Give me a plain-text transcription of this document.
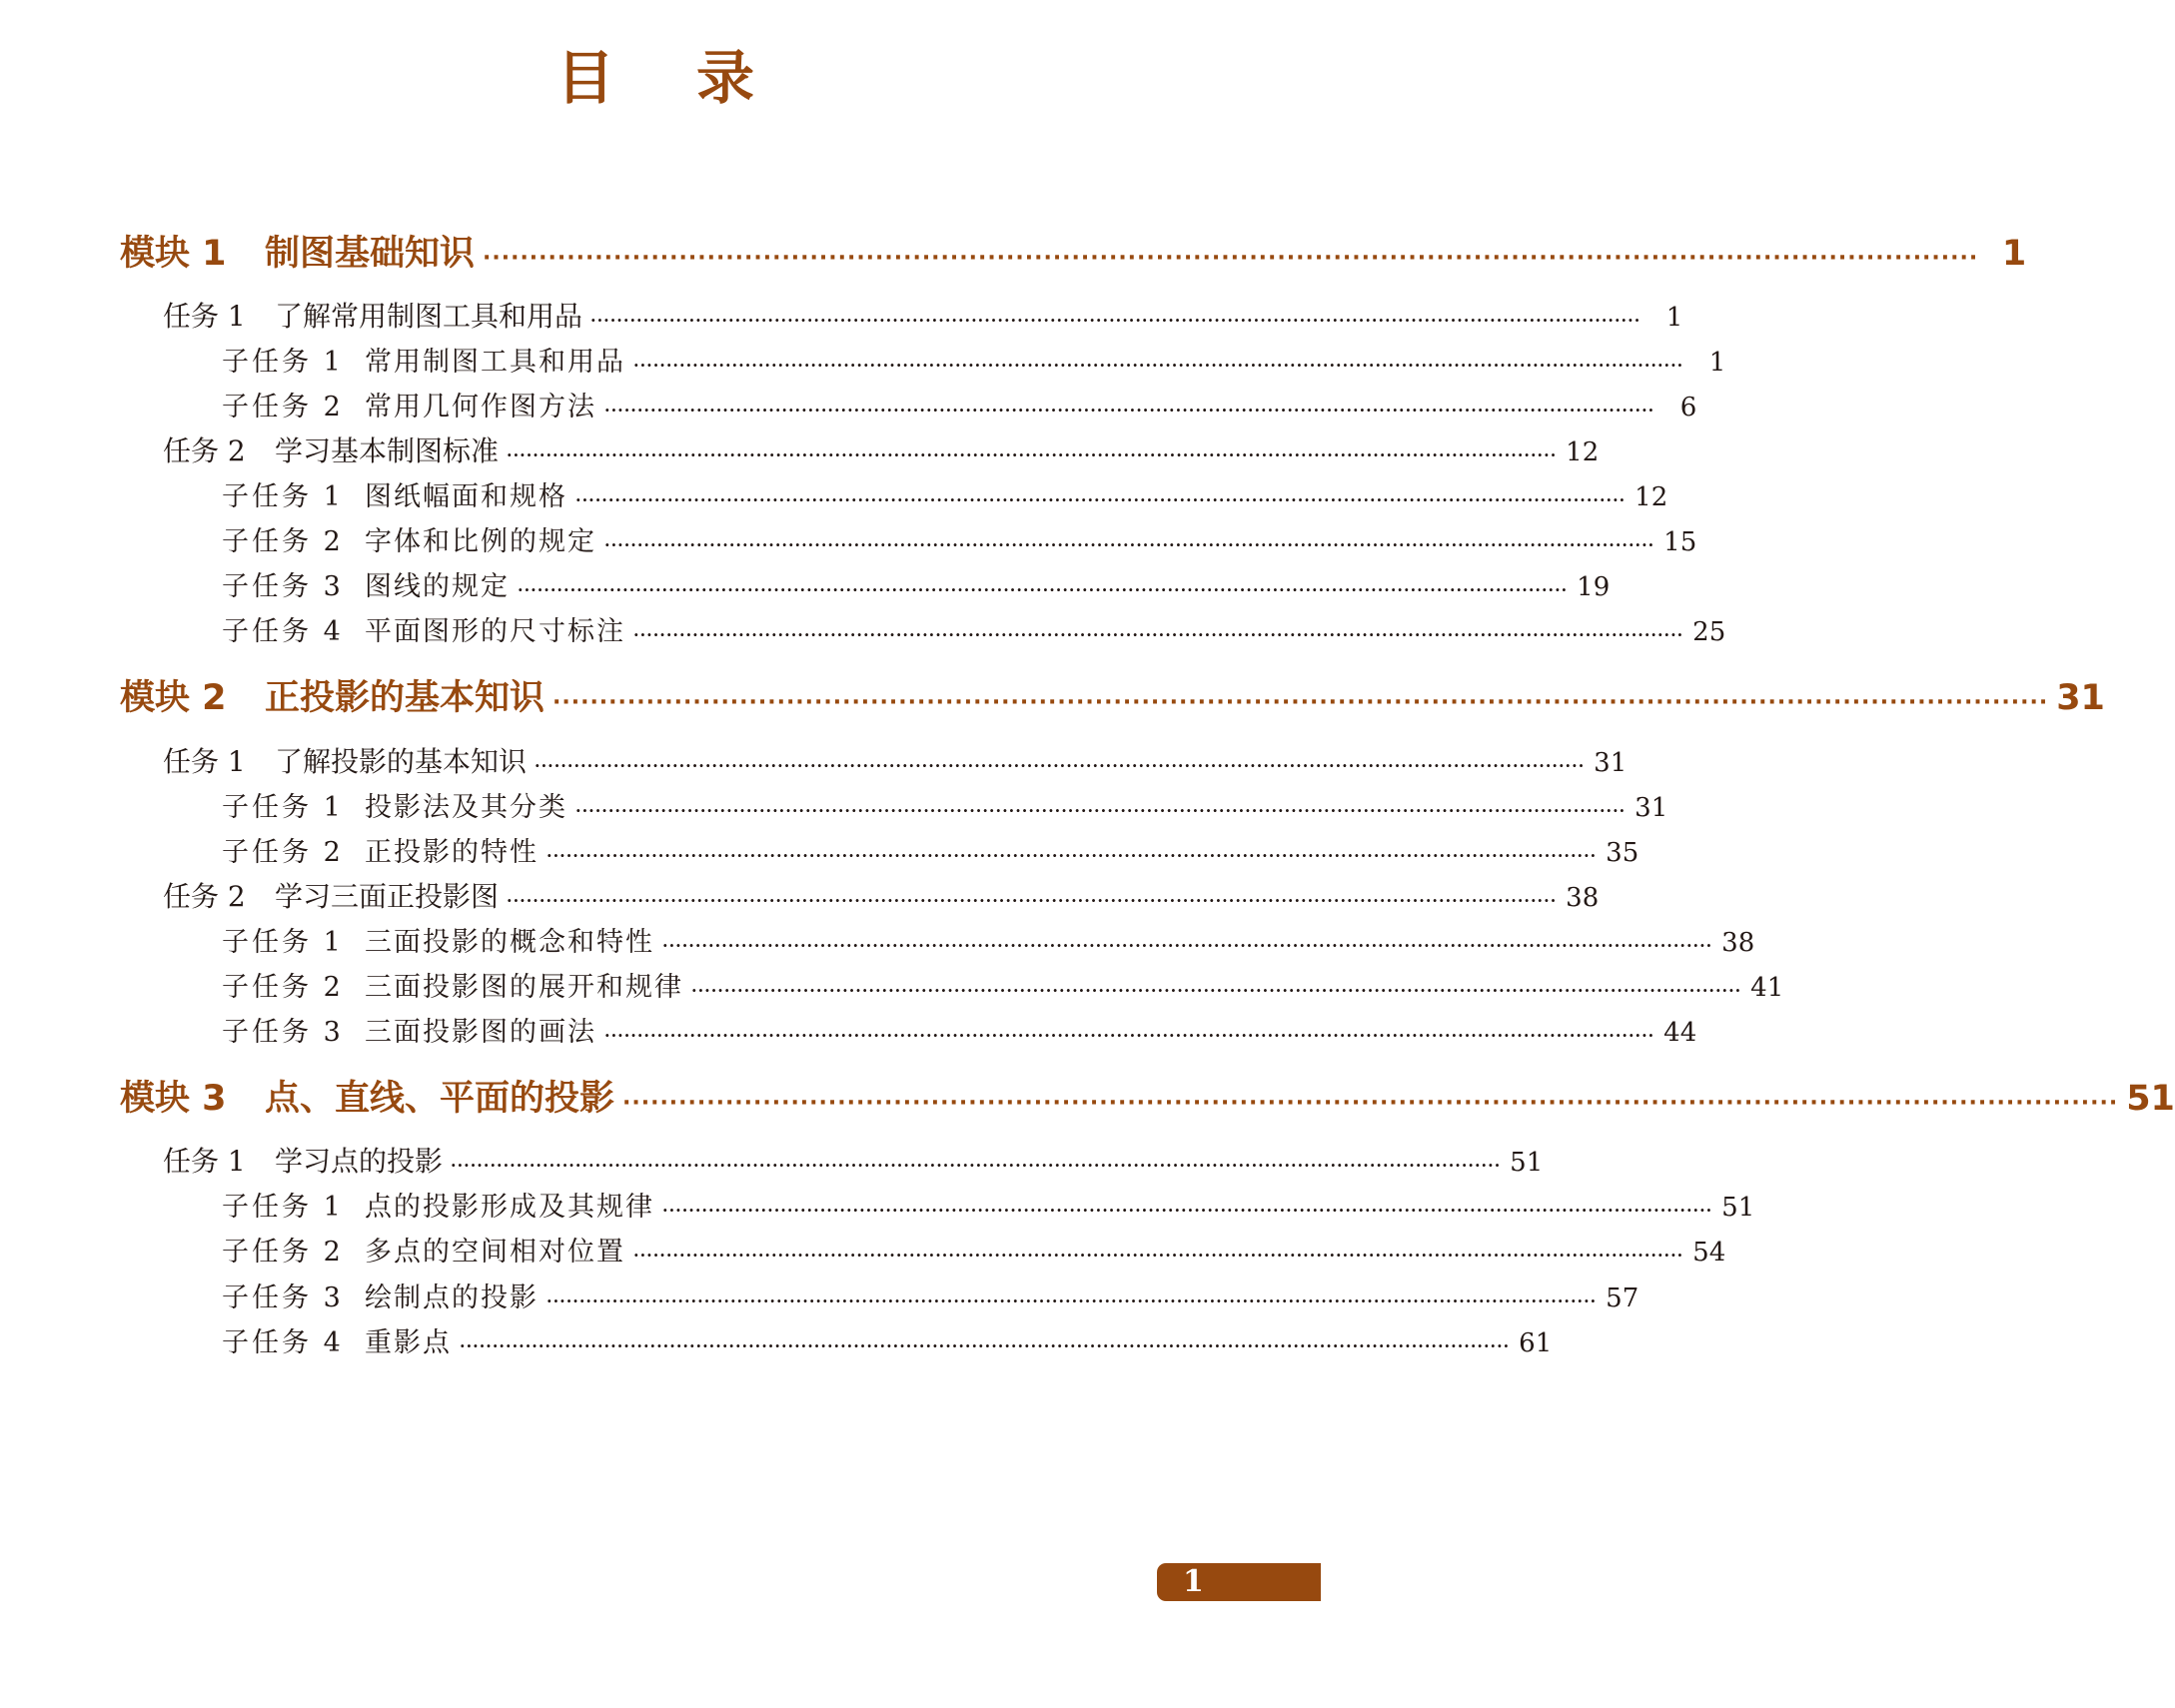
目 录
模块 1	制图基础知识 ································································································································································ 1
任务 1	了解常用制图工具和用品 ································································································································································ 1
子任务 1 常用制图工具和用品 ································································································································································ 1
子任务 2 常用几何作图方法 ································································································································································ 6
任务 2	学习基本制图标准 ································································································································································ 12
子任务 1 图纸幅面和规格 ································································································································································ 12
子任务 2 字体和比例的规定 ································································································································································ 15
子任务 3 图线的规定 ································································································································································ 19
子任务 4 平面图形的尺寸标注 ································································································································································ 25
模块 2	正投影的基本知识 ································································································································································ 31
任务 1	了解投影的基本知识 ································································································································································ 31
子任务 1 投影法及其分类 ································································································································································ 31
子任务 2 正投影的特性 ································································································································································ 35
任务 2	学习三面正投影图 ································································································································································ 38
子任务 1 三面投影的概念和特性 ································································································································································ 38
子任务 2 三面投影图的展开和规律 ································································································································································ 41
子任务 3 三面投影图的画法 ································································································································································ 44
模块 3	点、直线、平面的投影 ································································································································································ 51
任务 1	学习点的投影 ································································································································································ 51
子任务 1 点的投影形成及其规律 ································································································································································ 51
子任务 2 多点的空间相对位置 ································································································································································ 54
子任务 3 绘制点的投影 ································································································································································ 57
子任务 4 重影点 ································································································································································ 61
1
